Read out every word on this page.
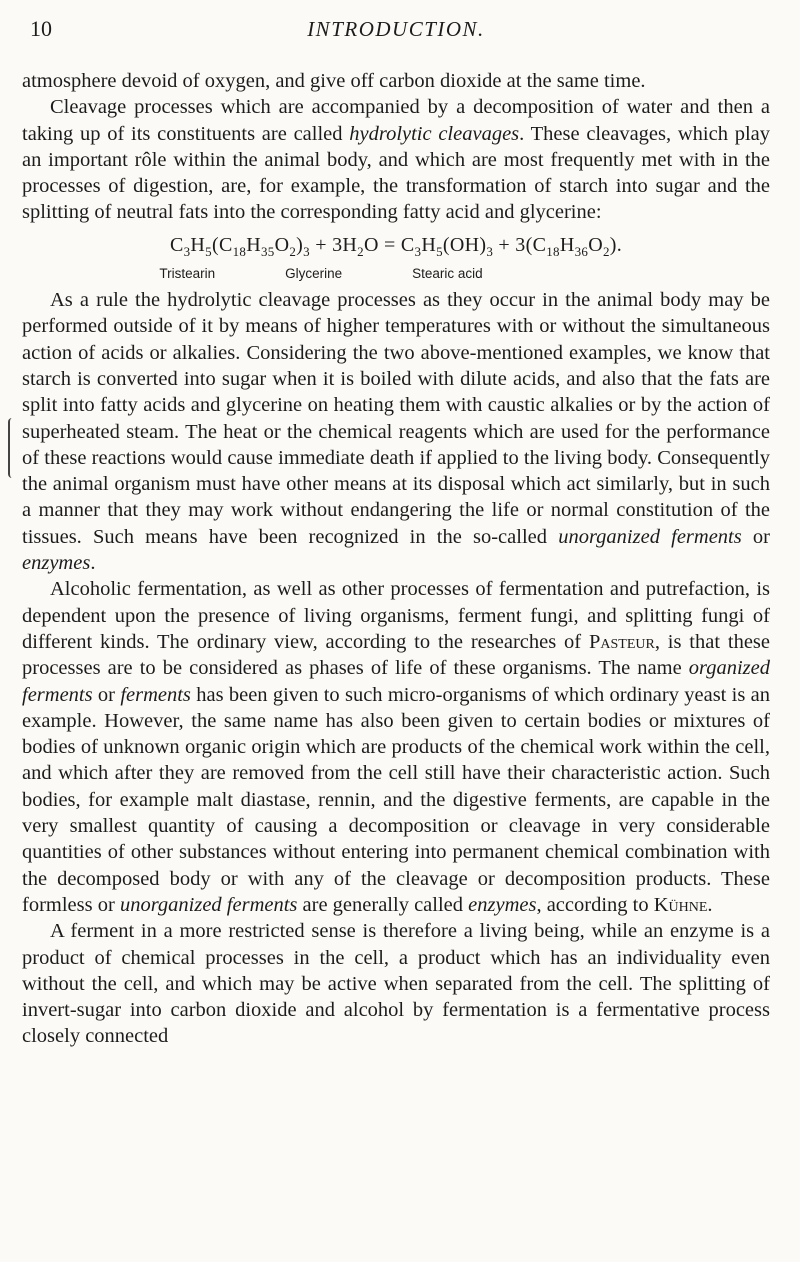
10	INTRODUCTION.

atmosphere devoid of oxygen, and give off carbon dioxide at the same time.

Cleavage processes which are accompanied by a decomposition of water and then a taking up of its constituents are called hydrolytic cleavages. These cleavages, which play an important rôle within the animal body, and which are most frequently met with in the processes of digestion, are, for example, the transformation of starch into sugar and the splitting of neutral fats into the corresponding fatty acid and glycerine:

$C_3H_5(C_{18}H_{35}O_2)_3 + 3H_2O = C_3H_5(OH)_3 + 3(C_{18}H_{36}O_2)$.
Tristearin	Glycerine	Stearic acid

As a rule the hydrolytic cleavage processes as they occur in the animal body may be performed outside of it by means of higher temperatures with or without the simultaneous action of acids or alkalies. Considering the two above-mentioned examples, we know that starch is converted into sugar when it is boiled with dilute acids, and also that the fats are split into fatty acids and glycerine on heating them with caustic alkalies or by the action of superheated steam. The heat or the chemical reagents which are used for the performance of these reactions would cause immediate death if applied to the living body. Consequently the animal organism must have other means at its disposal which act similarly, but in such a manner that they may work without endangering the life or normal constitution of the tissues. Such means have been recognized in the so-called unorganized ferments or enzymes.

Alcoholic fermentation, as well as other processes of fermentation and putrefaction, is dependent upon the presence of living organisms, ferment fungi, and splitting fungi of different kinds. The ordinary view, according to the researches of Pasteur, is that these processes are to be considered as phases of life of these organisms. The name organized ferments or ferments has been given to such micro-organisms of which ordinary yeast is an example. However, the same name has also been given to certain bodies or mixtures of bodies of unknown organic origin which are products of the chemical work within the cell, and which after they are removed from the cell still have their characteristic action. Such bodies, for example malt diastase, rennin, and the digestive ferments, are capable in the very smallest quantity of causing a decomposition or cleavage in very considerable quantities of other substances without entering into permanent chemical combination with the decomposed body or with any of the cleavage or decomposition products. These formless or unorganized ferments are generally called enzymes, according to Kühne.

A ferment in a more restricted sense is therefore a living being, while an enzyme is a product of chemical processes in the cell, a product which has an individuality even without the cell, and which may be active when separated from the cell. The splitting of invert-sugar into carbon dioxide and alcohol by fermentation is a fermentative process closely connected
